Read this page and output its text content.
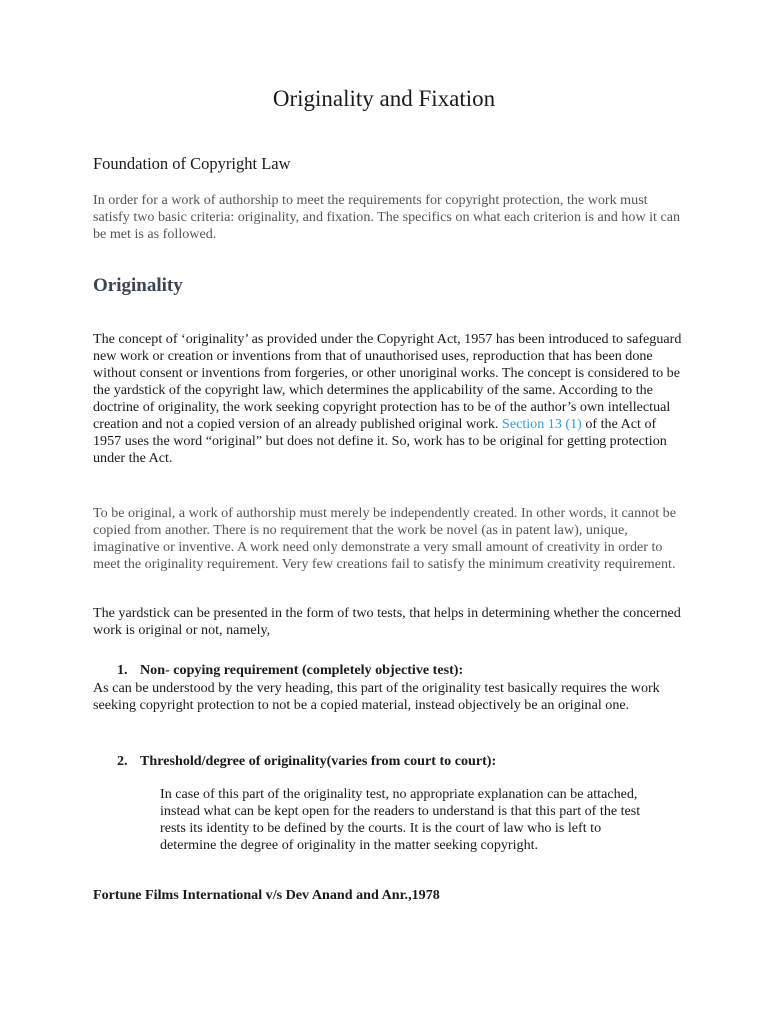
Originality and Fixation
Foundation of Copyright Law

In order for a work of authorship to meet the requirements for copyright protection, the work must satisfy two basic criteria: originality, and fixation. The specifics on what each criterion is and how it can be met is as followed.

Originality

The concept of ‘originality’ as provided under the Copyright Act, 1957 has been introduced to safeguard new work or creation or inventions from that of unauthorised uses, reproduction that has been done without consent or inventions from forgeries, or other unoriginal works. The concept is considered to be the yardstick of the copyright law, which determines the applicability of the same. According to the doctrine of originality, the work seeking copyright protection has to be of the author’s own intellectual creation and not a copied version of an already published original work. Section 13 (1) of the Act of 1957 uses the word “original” but does not define it. So, work has to be original for getting protection under the Act.

To be original, a work of authorship must merely be independently created. In other words, it cannot be copied from another. There is no requirement that the work be novel (as in patent law), unique, imaginative or inventive. A work need only demonstrate a very small amount of creativity in order to meet the originality requirement. Very few creations fail to satisfy the minimum creativity requirement.

The yardstick can be presented in the form of two tests, that helps in determining whether the concerned work is original or not, namely,

1. Non- copying requirement (completely objective test):

As can be understood by the very heading, this part of the originality test basically requires the work seeking copyright protection to not be a copied material, instead objectively be an original one.

2. Threshold/degree of originality(varies from court to court):

In case of this part of the originality test, no appropriate explanation can be attached, instead what can be kept open for the readers to understand is that this part of the test rests its identity to be defined by the courts. It is the court of law who is left to determine the degree of originality in the matter seeking copyright.

Fortune Films International v/s Dev Anand and Anr.,1978
